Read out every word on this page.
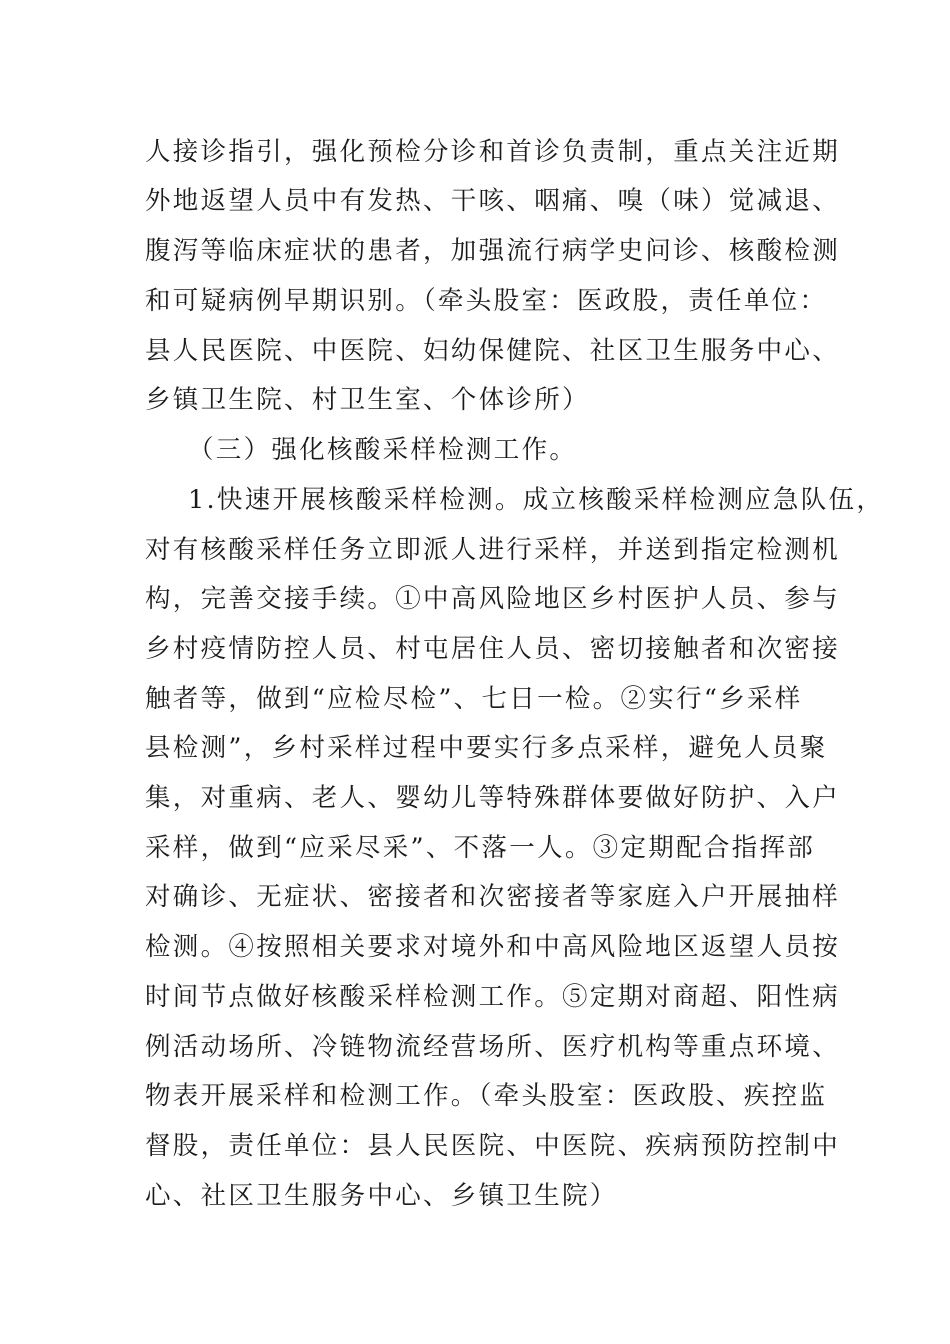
人接诊指引，强化预检分诊和首诊负责制，重点关注近期
外地返望人员中有发热、干咳、咽痛、嗅（味）觉减退、
腹泻等临床症状的患者，加强流行病学史问诊、核酸检测
和可疑病例早期识别。（牵头股室：医政股，责任单位：
县人民医院、中医院、妇幼保健院、社区卫生服务中心、
乡镇卫生院、村卫生室、个体诊所）
（三）强化核酸采样检测工作。
1.快速开展核酸采样检测。成立核酸采样检测应急队伍，
对有核酸采样任务立即派人进行采样，并送到指定检测机
构，完善交接手续。①中高风险地区乡村医护人员、参与
乡村疫情防控人员、村屯居住人员、密切接触者和次密接
触者等，做到“应检尽检”、七日一检。②实行“乡采样
县检测”，乡村采样过程中要实行多点采样，避免人员聚
集，对重病、老人、婴幼儿等特殊群体要做好防护、入户
采样，做到“应采尽采”、不落一人。③定期配合指挥部
对确诊、无症状、密接者和次密接者等家庭入户开展抽样
检测。④按照相关要求对境外和中高风险地区返望人员按
时间节点做好核酸采样检测工作。⑤定期对商超、阳性病
例活动场所、冷链物流经营场所、医疗机构等重点环境、
物表开展采样和检测工作。（牵头股室：医政股、疾控监
督股，责任单位：县人民医院、中医院、疾病预防控制中
心、社区卫生服务中心、乡镇卫生院）
